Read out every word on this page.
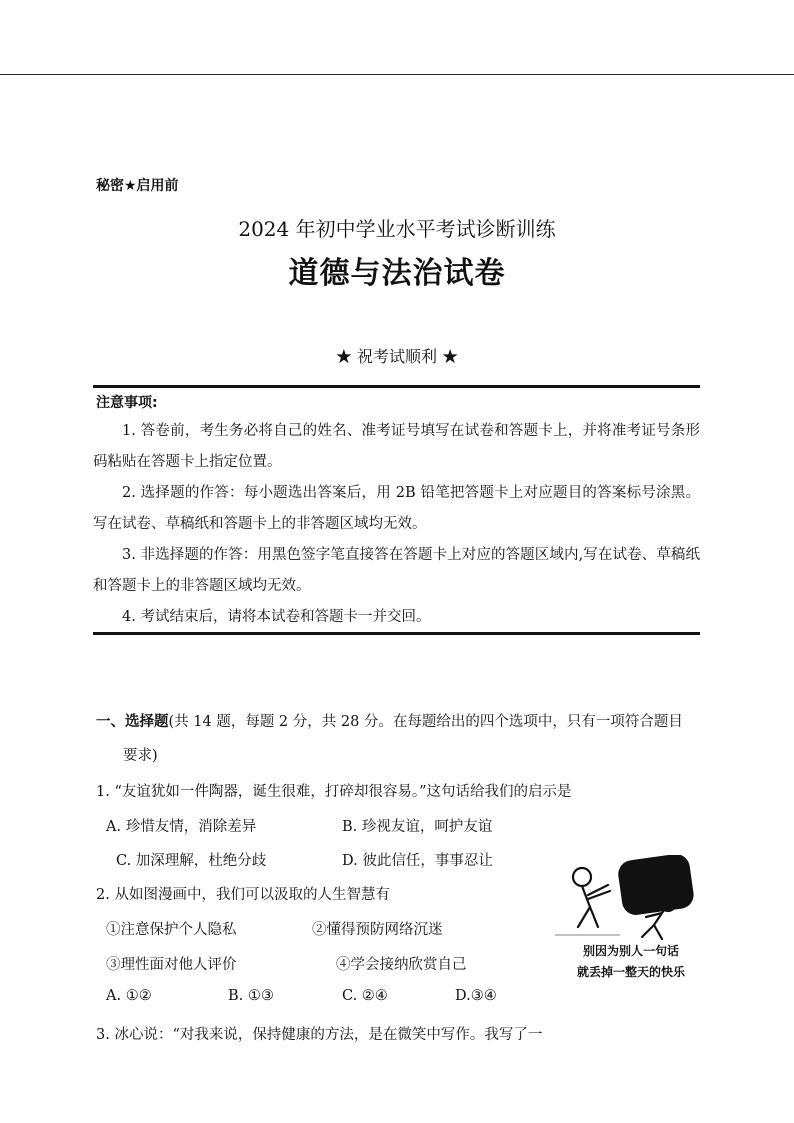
秘密★启用前
2024 年初中学业水平考试诊断训练
道德与法治试卷
★ 祝考试顺利 ★
注意事项:

1. 答卷前，考生务必将自己的姓名、准考证号填写在试卷和答题卡上，并将准考证号条形码粘贴在答题卡上指定位置。

2. 选择题的作答：每小题选出答案后，用 2B 铅笔把答题卡上对应题目的答案标号涂黑。写在试卷、草稿纸和答题卡上的非答题区域均无效。

3. 非选择题的作答：用黑色签字笔直接答在答题卡上对应的答题区域内,写在试卷、草稿纸和答题卡上的非答题区域均无效。

4. 考试结束后，请将本试卷和答题卡一并交回。

一、选择题(共 14 题，每题 2 分，共 28 分。在每题给出的四个选项中，只有一项符合题目
要求)
1. “友谊犹如一件陶器，诞生很难，打碎却很容易。”这句话给我们的启示是
A. 珍惜友情，消除差异	B. 珍视友谊，呵护友谊
C. 加深理解，杜绝分歧	D. 彼此信任，事事忍让
2. 从如图漫画中，我们可以汲取的人生智慧有
①注意保护个人隐私	②懂得预防网络沉迷
③理性面对他人评价	④学会接纳欣赏自己
A. ①②	B. ①③	C. ②④	D.③④
别因为别人一句话
就丢掉一整天的快乐
3. 冰心说：“对我来说，保持健康的方法，是在微笑中写作。我写了一
